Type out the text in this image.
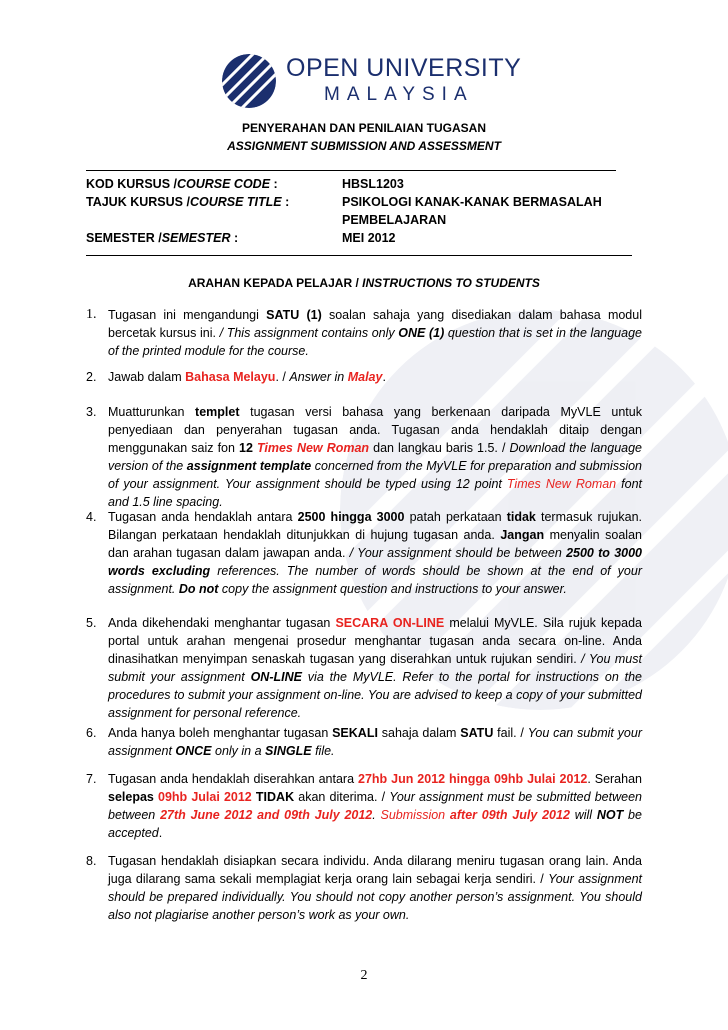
OPEN UNIVERSITY
MALAYSIA
PENYERAHAN DAN PENILAIAN TUGASAN
ASSIGNMENT SUBMISSION AND ASSESSMENT
KOD KURSUS /COURSE CODE :	HBSL1203
TAJUK KURSUS /COURSE TITLE :	PSIKOLOGI KANAK-KANAK BERMASALAH
PEMBELAJARAN
SEMESTER /SEMESTER :	MEI 2012
ARAHAN KEPADA PELAJAR / INSTRUCTIONS TO STUDENTS
1. Tugasan ini mengandungi SATU (1) soalan sahaja yang disediakan dalam bahasa modul bercetak kursus ini. / This assignment contains only ONE (1) question that is set in the language of the printed module for the course.
2. Jawab dalam Bahasa Melayu. / Answer in Malay.
3. Muatturunkan templet tugasan versi bahasa yang berkenaan daripada MyVLE untuk penyediaan dan penyerahan tugasan anda. Tugasan anda hendaklah ditaip dengan menggunakan saiz fon 12 Times New Roman dan langkau baris 1.5. / Download the language version of the assignment template concerned from the MyVLE for preparation and submission of your assignment. Your assignment should be typed using 12 point Times New Roman font and 1.5 line spacing.
4. Tugasan anda hendaklah antara 2500 hingga 3000 patah perkataan tidak termasuk rujukan. Bilangan perkataan hendaklah ditunjukkan di hujung tugasan anda. Jangan menyalin soalan dan arahan tugasan dalam jawapan anda. / Your assignment should be between 2500 to 3000 words excluding references. The number of words should be shown at the end of your assignment. Do not copy the assignment question and instructions to your answer.
5. Anda dikehendaki menghantar tugasan SECARA ON-LINE melalui MyVLE. Sila rujuk kepada portal untuk arahan mengenai prosedur menghantar tugasan anda secara on-line. Anda dinasihatkan menyimpan senaskah tugasan yang diserahkan untuk rujukan sendiri. / You must submit your assignment ON-LINE via the MyVLE. Refer to the portal for instructions on the procedures to submit your assignment on-line. You are advised to keep a copy of your submitted assignment for personal reference.
6. Anda hanya boleh menghantar tugasan SEKALI sahaja dalam SATU fail. / You can submit your assignment ONCE only in a SINGLE file.
7. Tugasan anda hendaklah diserahkan antara 27hb Jun 2012 hingga 09hb Julai 2012. Serahan selepas 09hb Julai 2012 TIDAK akan diterima. / Your assignment must be submitted between between 27th June 2012 and 09th July 2012. Submission after 09th July 2012 will NOT be accepted.
8. Tugasan hendaklah disiapkan secara individu. Anda dilarang meniru tugasan orang lain. Anda juga dilarang sama sekali memplagiat kerja orang lain sebagai kerja sendiri. / Your assignment should be prepared individually. You should not copy another person’s assignment. You should also not plagiarise another person’s work as your own.
2
